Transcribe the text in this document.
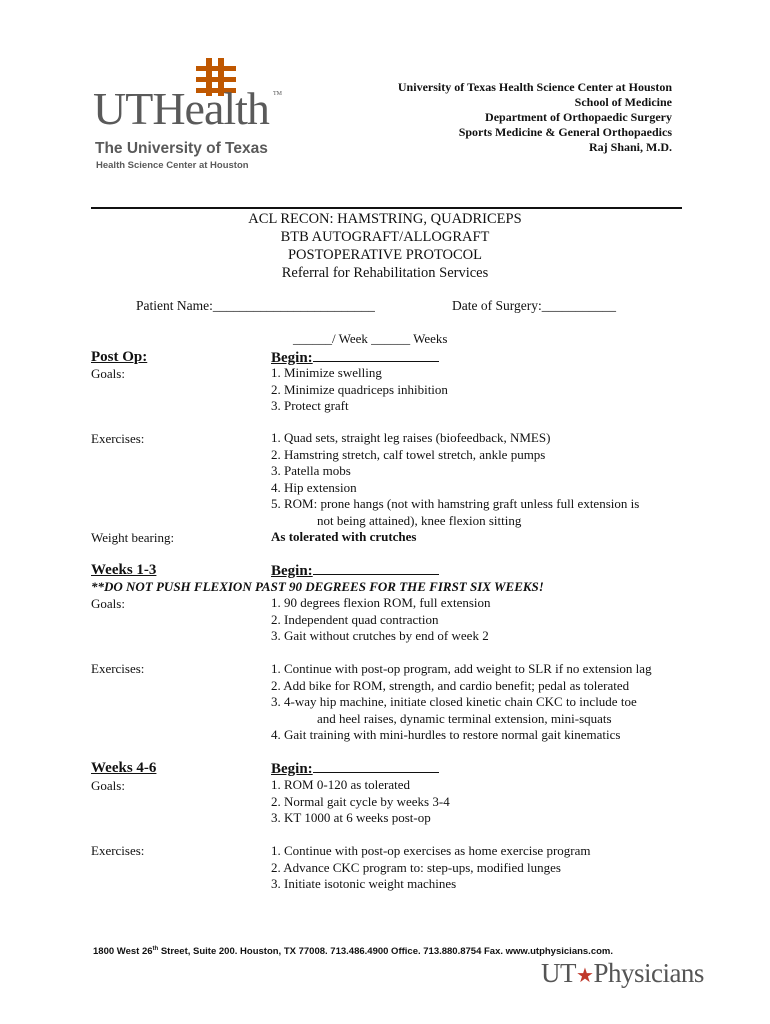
UTHealth TM
The University of Texas
Health Science Center at Houston
University of Texas Health Science Center at Houston
School of Medicine
Department of Orthopaedic Surgery
Sports Medicine & General Orthopaedics
Raj Shani, M.D.
ACL RECON: HAMSTRING, QUADRICEPS
BTB AUTOGRAFT/ALLOGRAFT
POSTOPERATIVE PROTOCOL
Referral for Rehabilitation Services
Patient Name:________________________	Date of Surgery:___________
______/ Week ______ Weeks
Post Op:	Begin:
Goals:	1. Minimize swelling
2. Minimize quadriceps inhibition
3. Protect graft
Exercises:	1. Quad sets, straight leg raises (biofeedback, NMES)
2. Hamstring stretch, calf towel stretch, ankle pumps
3. Patella mobs
4. Hip extension
5. ROM: prone hangs (not with hamstring graft unless full extension is
not being attained), knee flexion sitting
Weight bearing:	As tolerated with crutches
Weeks 1-3	Begin:
**DO NOT PUSH FLEXION PAST 90 DEGREES FOR THE FIRST SIX WEEKS!
Goals:	1. 90 degrees flexion ROM, full extension
2. Independent quad contraction
3. Gait without crutches by end of week 2
Exercises:	1. Continue with post-op program, add weight to SLR if no extension lag
2. Add bike for ROM, strength, and cardio benefit; pedal as tolerated
3. 4-way hip machine, initiate closed kinetic chain CKC to include toe
and heel raises, dynamic terminal extension, mini-squats
4. Gait training with mini-hurdles to restore normal gait kinematics
Weeks 4-6	Begin:
Goals:	1. ROM 0-120 as tolerated
2. Normal gait cycle by weeks 3-4
3. KT 1000 at 6 weeks post-op
Exercises:	1. Continue with post-op exercises as home exercise program
2. Advance CKC program to: step-ups, modified lunges
3. Initiate isotonic weight machines
1800 West 26th Street, Suite 200. Houston, TX 77008. 713.486.4900 Office. 713.880.8754 Fax. www.utphysicians.com.
UT★Physicians
